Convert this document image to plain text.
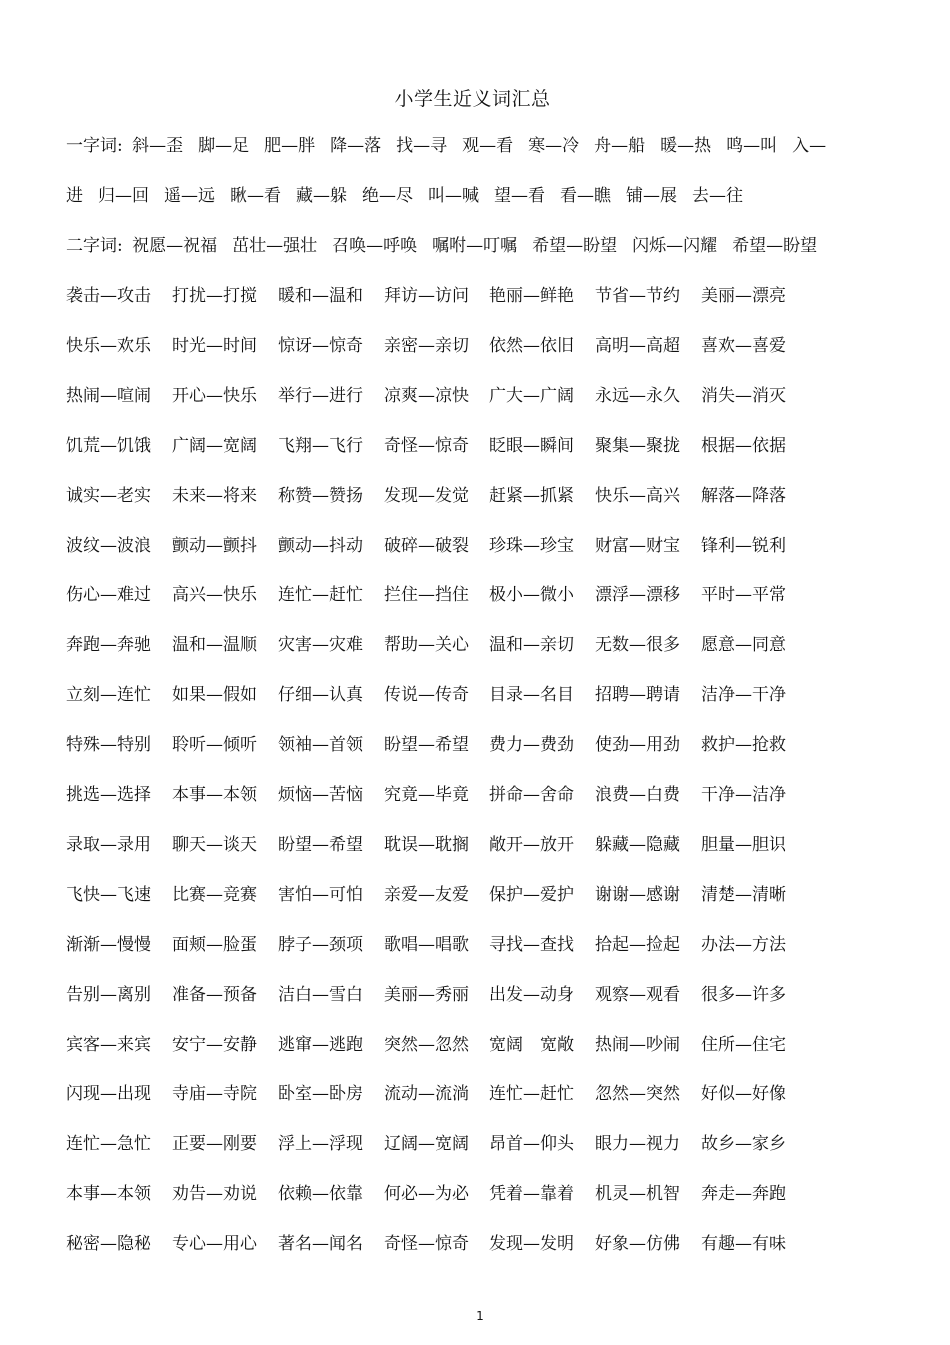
小学生近义词汇总
一字词: 斜—歪 脚—足 肥—胖 降—落 找—寻 观—看 寒—冷 舟—船 暖—热 鸣—叫 入—
进 归—回 遥—远 瞅—看 藏—躲 绝—尽 叫—喊 望—看 看—瞧 铺—展 去—往
二字词: 祝愿—祝福 茁壮—强壮 召唤—呼唤 嘱咐—叮嘱 希望—盼望 闪烁—闪耀 希望—盼望
袭击—攻击 打扰—打搅 暖和—温和 拜访—访问 艳丽—鲜艳 节省—节约 美丽—漂亮
快乐—欢乐 时光—时间 惊讶—惊奇 亲密—亲切 依然—依旧 高明—高超 喜欢—喜爱
热闹—喧闹 开心—快乐 举行—进行 凉爽—凉快 广大—广阔 永远—永久 消失—消灭
饥荒—饥饿 广阔—宽阔 飞翔—飞行 奇怪—惊奇 眨眼—瞬间 聚集—聚拢 根据—依据
诚实—老实 未来—将来 称赞—赞扬 发现—发觉 赶紧—抓紧 快乐—高兴 解落—降落
波纹—波浪 颤动—颤抖 颤动—抖动 破碎—破裂 珍珠—珍宝 财富—财宝 锋利—锐利
伤心—难过 高兴—快乐 连忙—赶忙 拦住—挡住 极小—微小 漂浮—漂移 平时—平常
奔跑—奔驰 温和—温顺 灾害—灾难 帮助—关心 温和—亲切 无数—很多 愿意—同意
立刻—连忙 如果—假如 仔细—认真 传说—传奇 目录—名目 招聘—聘请 洁净—干净
特殊—特别 聆听—倾听 领袖—首领 盼望—希望 费力—费劲 使劲—用劲 救护—抢救
挑选—选择 本事—本领 烦恼—苦恼 究竟—毕竟 拼命—舍命 浪费—白费 干净—洁净
录取—录用 聊天—谈天 盼望—希望 耽误—耽搁 敞开—放开 躲藏—隐藏 胆量—胆识
飞快—飞速 比赛—竞赛 害怕—可怕 亲爱—友爱 保护—爱护 谢谢—感谢 清楚—清晰
渐渐—慢慢 面颊—脸蛋 脖子—颈项 歌唱—唱歌 寻找—查找 拾起—捡起 办法—方法
告别—离别 准备—预备 洁白—雪白 美丽—秀丽 出发—动身 观察—观看 很多—许多
宾客—来宾 安宁—安静 逃窜—逃跑 突然—忽然 宽阔　宽敞 热闹—吵闹 住所—住宅
闪现—出现 寺庙—寺院 卧室—卧房 流动—流淌 连忙—赶忙 忽然—突然 好似—好像
连忙—急忙 正要—刚要 浮上—浮现 辽阔—宽阔 昂首—仰头 眼力—视力 故乡—家乡
本事—本领 劝告—劝说 依赖—依靠 何必—为必 凭着—靠着 机灵—机智 奔走—奔跑
秘密—隐秘 专心—用心 著名—闻名 奇怪—惊奇 发现—发明 好象—仿佛 有趣—有味
1
